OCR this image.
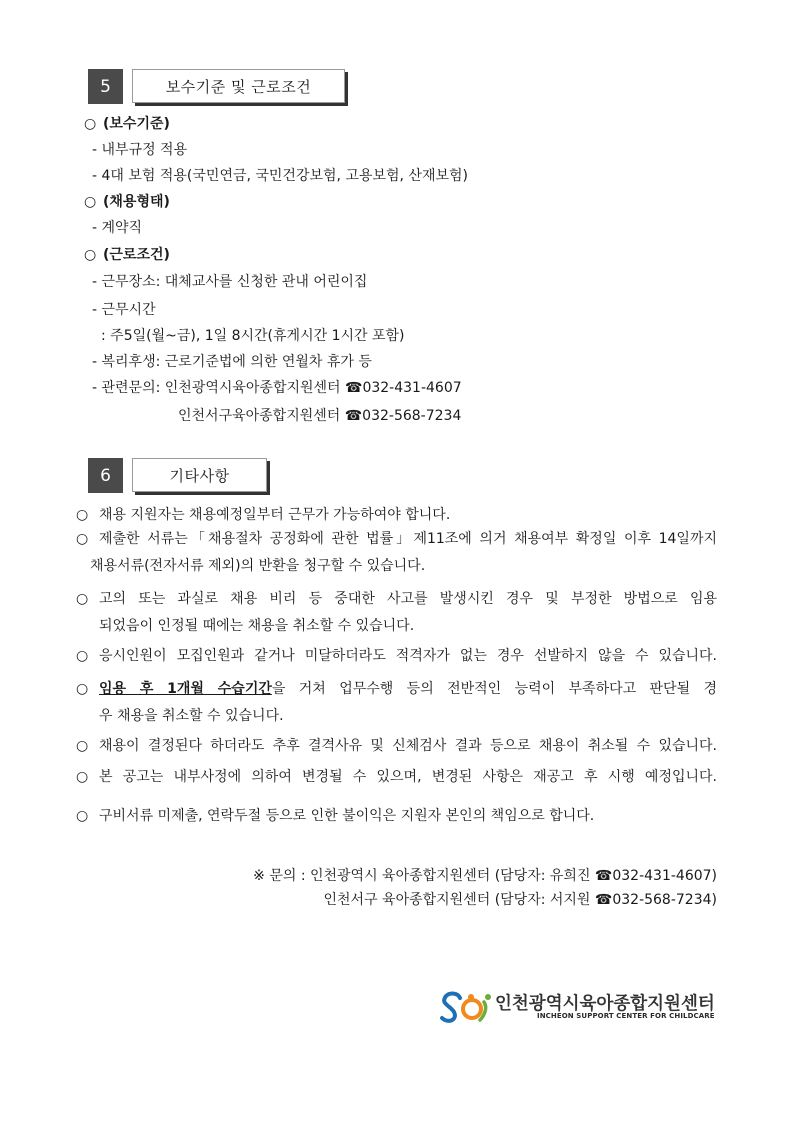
5	보수기준 및 근로조건
○ (보수기준)
- 내부규정 적용
- 4대 보험 적용(국민연금, 국민건강보험, 고용보험, 산재보험)
○ (채용형태)
- 계약직
○ (근로조건)
- 근무장소: 대체교사를 신청한 관내 어린이집
- 근무시간
: 주5일(월~금), 1일 8시간(휴게시간 1시간 포함)
- 복리후생: 근로기준법에 의한 연월차 휴가 등
- 관련문의: 인천광역시육아종합지원센터 ☎032-431-4607
인천서구육아종합지원센터 ☎032-568-7234
6	기타사항
○ 채용 지원자는 채용예정일부터 근무가 가능하여야 합니다.
○ 제출한 서류는「채용절차 공정화에 관한 법률」제11조에 의거 채용여부 확정일 이후 14일까지
채용서류(전자서류 제외)의 반환을 청구할 수 있습니다.
○ 고의 또는 과실로 채용 비리 등 중대한 사고를 발생시킨 경우 및 부정한 방법으로 임용
되었음이 인정될 때에는 채용을 취소할 수 있습니다.
○ 응시인원이 모집인원과 같거나 미달하더라도 적격자가 없는 경우 선발하지 않을 수 있습니다.
○ 임용 후 1개월 수습기간을 거쳐 업무수행 등의 전반적인 능력이 부족하다고 판단될 경
우 채용을 취소할 수 있습니다.
○ 채용이 결정된다 하더라도 추후 결격사유 및 신체검사 결과 등으로 채용이 취소될 수 있습니다.
○ 본 공고는 내부사정에 의하여 변경될 수 있으며, 변경된 사항은 재공고 후 시행 예정입니다.
○ 구비서류 미제출, 연락두절 등으로 인한 불이익은 지원자 본인의 책임으로 합니다.
※ 문의 : 인천광역시 육아종합지원센터 (담당자: 유희진 ☎032-431-4607)
인천서구 육아종합지원센터 (담당자: 서지원 ☎032-568-7234)
인천광역시육아종합지원센터
INCHEON SUPPORT CENTER FOR CHILDCARE
